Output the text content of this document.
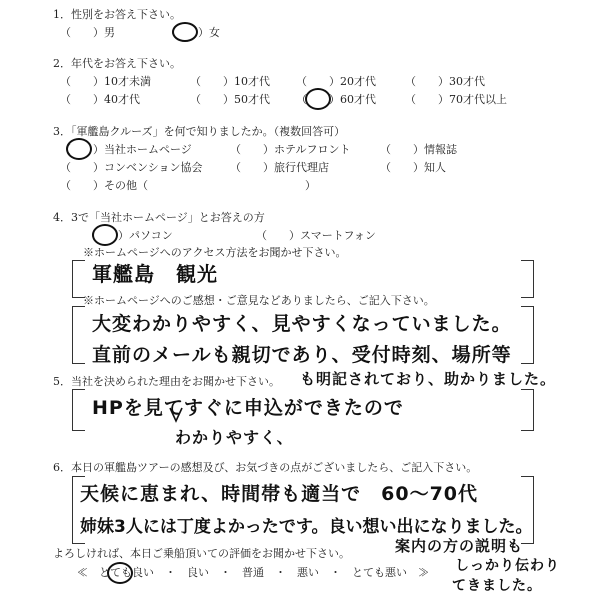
1．性別をお答え下さい。
（　　）男	（　　）女
2．年代をお答え下さい。
（　　）10才未満	（　　）10才代 （　　）20才代	（　　）30才代
（　　）40才代	（　　）50才代 （　　）60才代	（　　）70才代以上
3．「軍艦島クルーズ」を何で知りましたか。（複数回答可）
（　　）当社ホームページ	（　　）ホテルフロント	（　　）情報誌
（　　）コンベンション協会 （　　）旅行代理店	（　　）知人
（　　）その他（	）
4．3で「当社ホームページ」とお答えの方
（　　）パソコン	（　　）スマートフォン
※ホームページへのアクセス方法をお聞かせ下さい。
軍艦島　観光
※ホームページへのご感想・ご意見などありましたら、ご記入下さい。
大変わかりやすく、見やすくなっていました。
直前のメールも親切であり、受付時刻、場所等
も明記されており、助かりました。
5．当社を決められた理由をお聞かせ下さい。
HPを見てすぐに申込ができたので
わかりやすく、
6．本日の軍艦島ツアーの感想及び、お気づきの点がございましたら、ご記入下さい。
天候に恵まれ、時間帯も適当で　60～70代
姉妹3人には丁度よかったです。良い想い出になりました。
案内の方の説明も
しっかり伝わり
てきました。
よろしければ、本日ご乗船頂いての評価をお聞かせ下さい。
≪　とても良い　・　良い　・　普通　・　悪い　・　とても悪い　≫
